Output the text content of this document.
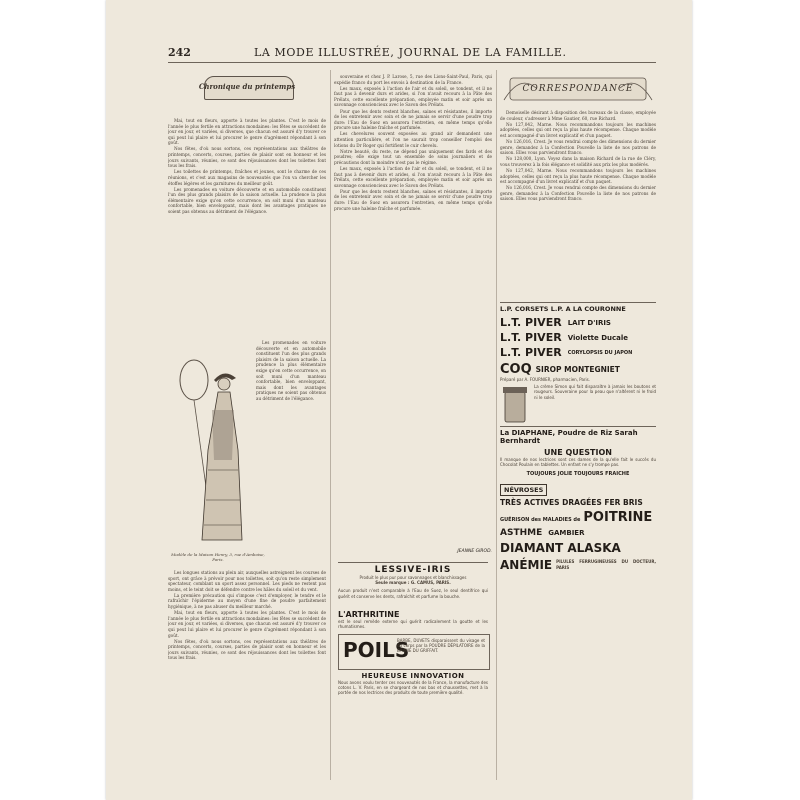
242	LA MODE ILLUSTRÉE, JOURNAL DE LA FAMILLE.
Chronique du printemps

Mai, tout en fleurs, apporte à toutes les plantes. C'est le mois de l'année le plus fertile en attractions mondaines: les fêtes se succèdent de jour en jour, et variées, si diverses, que chacun est assuré d'y trouver ce qui peut lui plaire et lui procurer le genre d'agrément répondant à son goût.

Nos fêtes, d'où nous sortons, ces représentations aux théâtres de printemps, concerts, courses, parties de plaisir sont en honneur et les jours suivants, réunies, ce sont des réjouissances dont les toilettes font tous les frais.

Les toilettes de printemps, fraîches et jeunes, sont le charme de ces réunions, et c'est aux magasins de nouveautés que l'on va chercher les étoffes légères et les garnitures du meilleur goût.

Les promenades en voiture découverte et en automobile constituent l'un des plus grands plaisirs de la saison actuelle. La prudence la plus élémentaire exige qu'en cette occurrence, on soit muni d'un manteau confortable, bien enveloppant, mais dont les avantages pratiques ne soient pas obtenus au détriment de l'élégance.

Les promenades en voiture découverte et en automobile constituent l'un des plus grands plaisirs de la saison actuelle. La prudence la plus élémentaire exige qu'en cette occurrence, on soit muni d'un manteau confortable, bien enveloppant, mais dont les avantages pratiques ne soient pas obtenus au détriment de l'élégance.

Modèle de la Maison Henry, 3, rue d'Amboise, Paris.

Les longues stations au plein air, auxquelles astreignent les courses de sport, ont grâce à prévoir pour nos toilettes, soit qu'on reste simplement spectateur, comblant un sport assez personnel. Les pieds ne restent pas moins, et le teint doit se défendre contre les hâles du soleil et du vent.

La première précaution qui s'impose c'est d'employer, le tendre et le rafraîchir l'épiderme au moyen d'une fine de poudre parfaitement hygiénique, à ne pas abuser du meilleur marché.

Mai, tout en fleurs, apporte à toutes les plantes. C'est le mois de l'année le plus fertile en attractions mondaines: les fêtes se succèdent de jour en jour, et variées, si diverses, que chacun est assuré d'y trouver ce qui peut lui plaire et lui procurer le genre d'agrément répondant à son goût.

Nos fêtes, d'où nous sortons, ces représentations aux théâtres de printemps, concerts, courses, parties de plaisir sont en honneur et les jours suivants, réunies, ce sont des réjouissances dont les toilettes font tous les frais.

souveraine et chez J. P. Larose, 5, rue des Lions-Saint-Paul, Paris, qui expédie franco du port les envois à destination de la France.

Les maux, exposés à l'action de l'air et du soleil, se tondent, et il ne faut pas à devenir durs et arides, si l'on n'avait recours à la Pâte des Prélats, cette excellente préparation, employée matin et soir après un savonnage consciencieux avec le Savon des Prélats.

Pour que les dents restent blanches, saines et résistantes, il importe de les entretenir avec soin et de ne jamais se servir d'une poudre trop dure: l'Eau de Suez en assurera l'entretien, en même temps qu'elle procure une haleine fraîche et parfumée.

Les chevelures souvent exposées au grand air demandent une attention particulière, et l'on ne saurait trop conseiller l'emploi des lotions du Dr Roger qui fortifient le cuir chevelu.

Notre beauté, du reste, ne dépend pas uniquement des fards et des poudres; elle exige tout un ensemble de soins journaliers et de précautions dont la moindre n'est pas le régime.

Les maux, exposés à l'action de l'air et du soleil, se tondent, et il ne faut pas à devenir durs et arides, si l'on n'avait recours à la Pâte des Prélats, cette excellente préparation, employée matin et soir après un savonnage consciencieux avec le Savon des Prélats.

Pour que les dents restent blanches, saines et résistantes, il importe de les entretenir avec soin et de ne jamais se servir d'une poudre trop dure: l'Eau de Suez en assurera l'entretien, en même temps qu'elle procure une haleine fraîche et parfumée.

JEANNE GIROD.
LESSIVE-IRIS
Produit le plus pur pour savonnages et blanchissages
Seule marque : G. CAMUS, PARIS.
Aucun produit n'est comparable à l'Eau de Suez, le seul dentifrice qui guérit et conserve les dents, rafraîchit et parfume la bouche.
L'ARTHRITINE
est le seul remède externe qui guérit radicalement la goutte et les rhumatismes.
POILS
BARBE, DUVETS disparaissent du visage et du corps par la POUDRE DÉPILATOIRE de la BAUME DU GRIFFAIT.
HEUREUSE INNOVATION
Nous avons voulu tenter ces nouveautés de la France, la manufacture des cotons L. V. Paris, en se chargeant de nos bas et chaussettes, met à la portée de nos lectrices des produits de toute première qualité.
CORRESPONDANCE

Demoiselle désirant à disposition des bureaux de la classe, employée de couleur, s'adresser à Mme Gautier, 60, rue Richard.

No 127,042, Marne. Nous recommandons toujours les machines adoptées, celles qui ont reçu la plus haute récompense. Chaque modèle est accompagné d'un livret explicatif et d'un paquet.

No 126,016, Crest. Je vous rendrai compte des dimensions du dernier genre, demandez à la Confection Pouvelle la liste de nos patrons de saison. Elles vous parviendront franco.

No 128,000, Lyon. Voyez dans la maison Richard de la rue de Cléry, vous trouverez à la fois élégance et solidité aux prix les plus modérés.

No 127,042, Marne. Nous recommandons toujours les machines adoptées, celles qui ont reçu la plus haute récompense. Chaque modèle est accompagné d'un livret explicatif et d'un paquet.

No 126,016, Crest. Je vous rendrai compte des dimensions du dernier genre, demandez à la Confection Pouvelle la liste de nos patrons de saison. Elles vous parviendront franco.

L.P. CORSETS L.P. A LA COURONNE
L.T. PIVER LAIT D'IRIS
L.T. PIVER Violette Ducale
L.T. PIVER CORYLOPSIS DU JAPON
COQ SIROP MONTEGNIET
Préparé par A. FOURNIER, pharmacien, Paris.
La crème Simon qui fait disparaître à jamais les boutons et rougeurs. Souveraine pour la peau que n'altèrent ni le froid ni le soleil.
La DIAPHANE, Poudre de Riz Sarah Bernhardt
UNE QUESTION
Il manque de nos lectrices sont ces dames de la qu'elle fait le succès du Chocolat Poulain en tablettes. Un enfant ne s'y trompe pas.
TOUJOURS JOLIE TOUJOURS FRAICHE
NÉVROSES
TRÈS ACTIVES DRAGÉES FER BRIS
GUÉRISON des MALADIES de POITRINE
ASTHME GAMBIER
DIAMANT ALASKA
ANÉMIE PILULES FERRUGINEUSES DU DOCTEUR, PARIS
